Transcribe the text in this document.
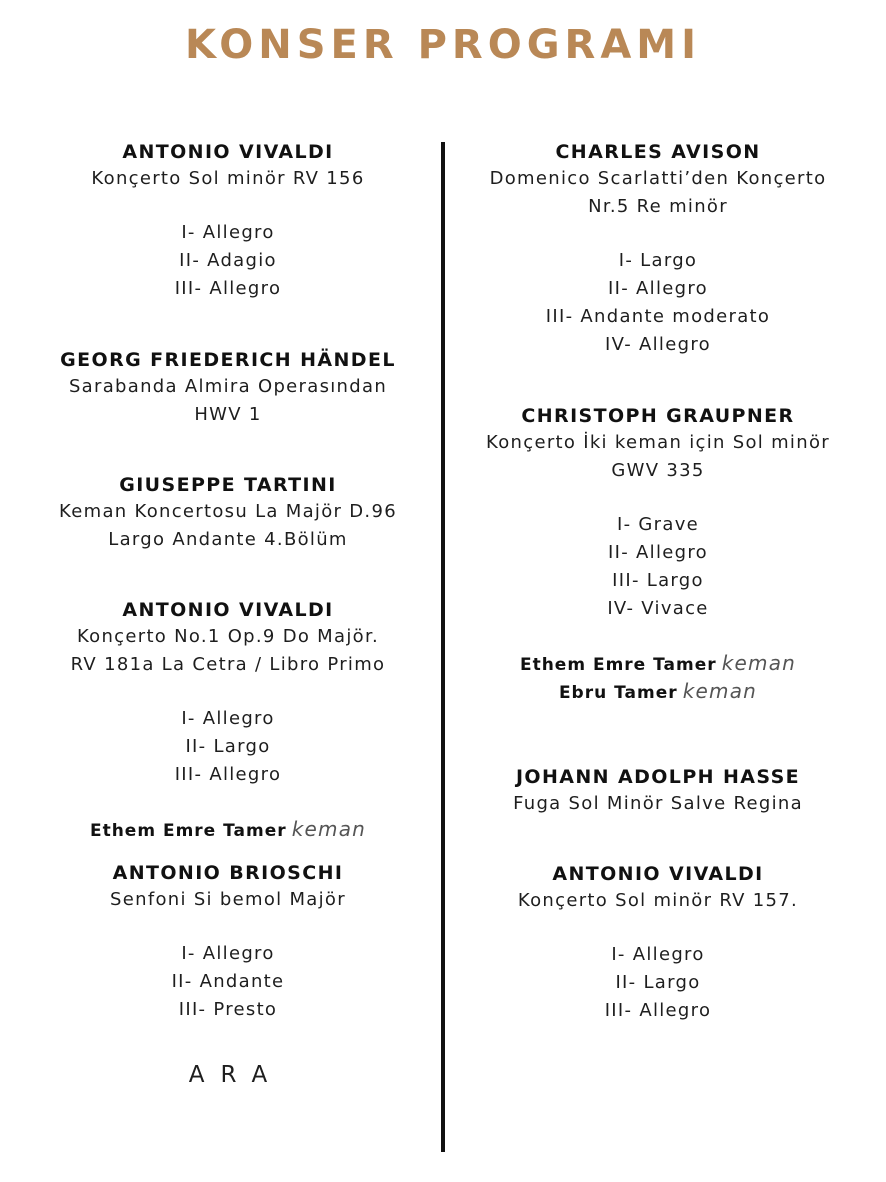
KONSER PROGRAMI
ANTONIO VIVALDI
Konçerto Sol minör RV 156
I- Allegro
II- Adagio
III- Allegro
GEORG FRIEDERICH HÄNDEL
Sarabanda Almira Operasından
HWV 1
GIUSEPPE TARTINI
Keman Koncertosu La Majör D.96
Largo Andante 4.Bölüm
ANTONIO VIVALDI
Konçerto No.1 Op.9 Do Majör.
RV 181a La Cetra / Libro Primo
I- Allegro
II- Largo
III- Allegro
Ethem Emre Tamer keman
ANTONIO BRIOSCHI
Senfoni Si bemol Majör
I- Allegro
II- Andante
III- Presto
ARA
CHARLES AVISON
Domenico Scarlatti’den Konçerto
Nr.5 Re minör
I- Largo
II- Allegro
III- Andante moderato
IV- Allegro
CHRISTOPH GRAUPNER
Konçerto İki keman için Sol minör
GWV 335
I- Grave
II- Allegro
III- Largo
IV- Vivace
Ethem Emre Tamer keman
Ebru Tamer keman
JOHANN ADOLPH HASSE
Fuga Sol Minör Salve Regina
ANTONIO VIVALDI
Konçerto Sol minör RV 157.
I- Allegro
II- Largo
III- Allegro
